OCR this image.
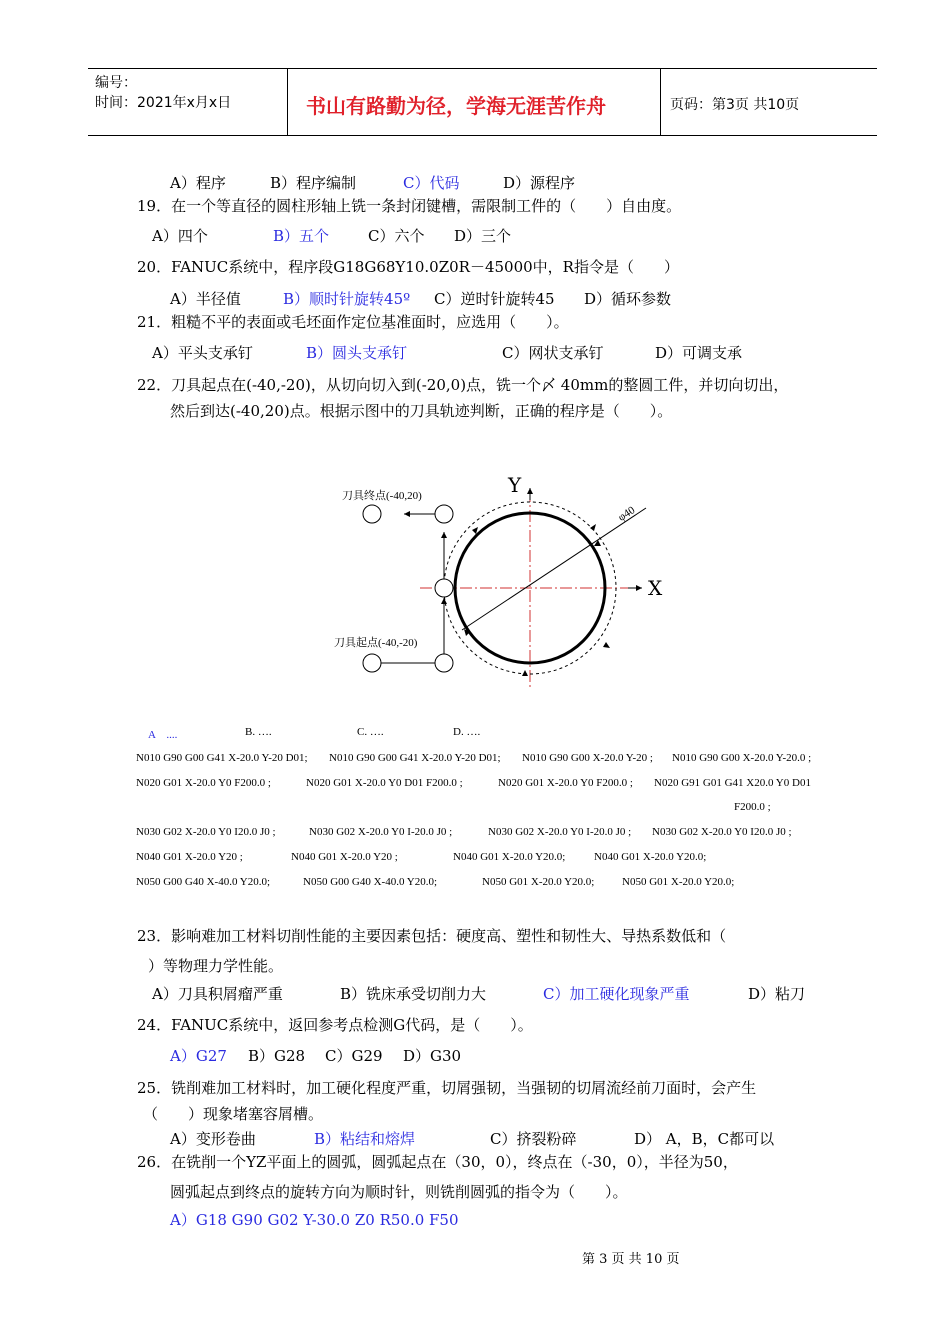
编号：
时间：2021年x月x日	书山有路勤为径，学海无涯苦作舟	页码：第3页 共10页
A）程序	B）程序编制	C）代码	D）源程序
19．在一个等直径的圆柱形轴上铣一条封闭键槽，需限制工件的（　　）自由度。
A）四个	B）五个	C）六个 D）三个
20．FANUC系统中，程序段G18G68Y10.0Z0R－45000中，R指令是（　　）
A）半径值	B）顺时针旋转45º C）逆时针旋转45 D）循环参数
21．粗糙不平的表面或毛坯面作定位基准面时，应选用（　　）。
A）平头支承钉	B）圆头支承钉	C）网状支承钉	D）可调支承
22．刀具起点在(-40,-20)，从切向切入到(-20,0)点，铣一个〆 40mm的整圆工件，并切向切出，
然后到达(-40,20)点。根据示图中的刀具轨迹判断，正确的程序是（　　）。
刀具终点(-40,20)
刀具起点(-40,-20)
Y
X
φ40
A　....	B. ….	C. ….	D. ….
N010 G90 G00 G41 X-20.0 Y-20 D01; N010 G90 G00 G41 X-20.0 Y-20 D01; N010 G90 G00 X-20.0 Y-20 ; N010 G90 G00 X-20.0 Y-20.0 ;
N020 G01 X-20.0 Y0 F200.0 ;	N020 G01 X-20.0 Y0 D01 F200.0 ;	N020 G01 X-20.0 Y0 F200.0 ; N020 G91 G01 G41 X20.0 Y0 D01
F200.0 ;
N030 G02 X-20.0 Y0 I20.0 J0 ;	N030 G02 X-20.0 Y0 I-20.0 J0 ;	N030 G02 X-20.0 Y0 I-20.0 J0 ; N030 G02 X-20.0 Y0 I20.0 J0 ;
N040 G01 X-20.0 Y20 ;	N040 G01 X-20.0 Y20 ;	N040 G01 X-20.0 Y20.0;	N040 G01 X-20.0 Y20.0;
N050 G00 G40 X-40.0 Y20.0;	N050 G00 G40 X-40.0 Y20.0;	N050 G01 X-20.0 Y20.0;	N050 G01 X-20.0 Y20.0;
23．影响难加工材料切削性能的主要因素包括：硬度高、塑性和韧性大、导热系数低和（
）等物理力学性能。
A）刀具积屑瘤严重	B）铣床承受切削力大	C）加工硬化现象严重	D）粘刀
24．FANUC系统中，返回参考点检测G代码，是（　　）。
A）G27 B）G28 C）G29 D）G30
25．铣削难加工材料时，加工硬化程度严重，切屑强韧，当强韧的切屑流经前刀面时，会产生
（　　）现象堵塞容屑槽。
A）变形卷曲	B）粘结和熔焊	C）挤裂粉碎	D） A，B，C都可以
26．在铣削一个YZ平面上的圆弧，圆弧起点在（30，0），终点在（-30，0），半径为50，
圆弧起点到终点的旋转方向为顺时针，则铣削圆弧的指令为（　　）。
A）G18 G90 G02 Y-30.0 Z0 R50.0 F50
第 3 页 共 10 页
